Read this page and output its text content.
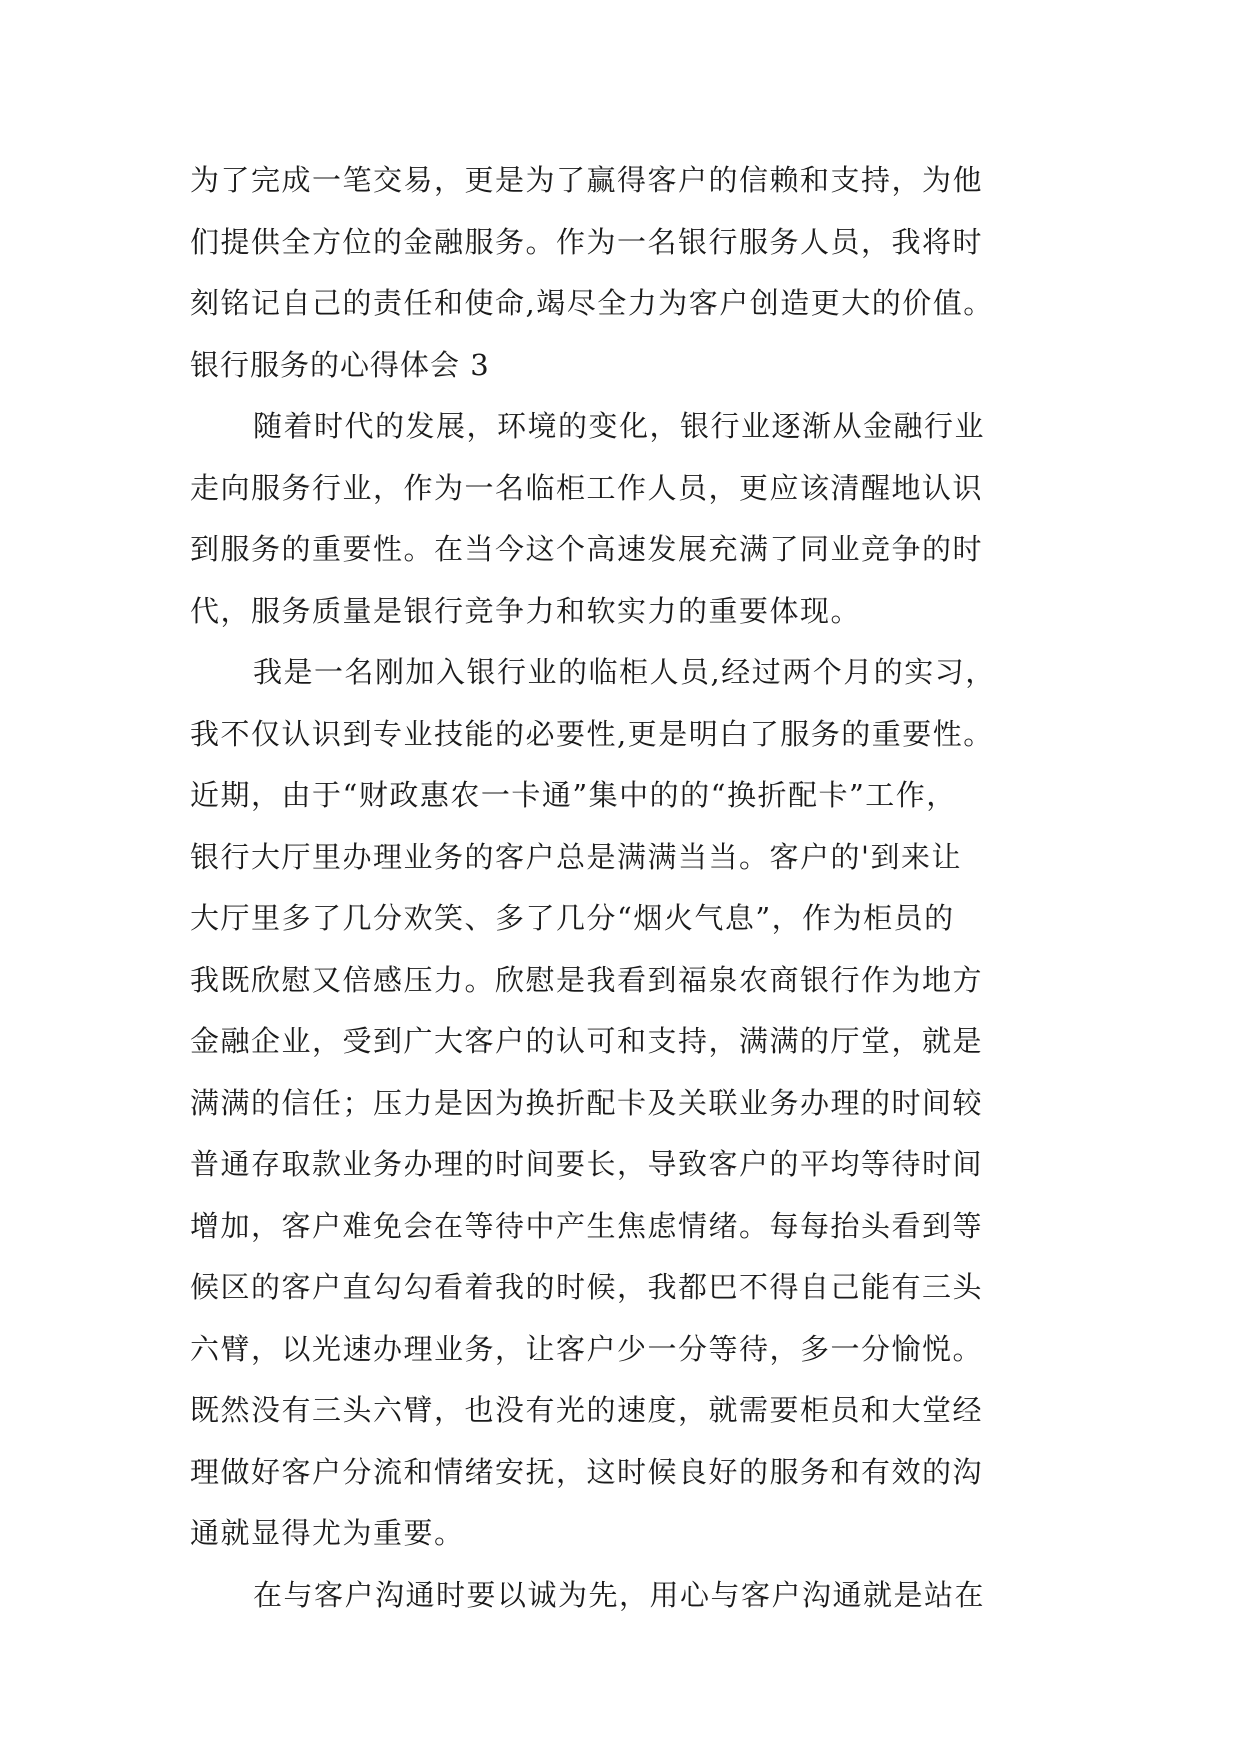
为了完成一笔交易，更是为了赢得客户的信赖和支持，为他
们提供全方位的金融服务。作为一名银行服务人员，我将时
刻铭记自己的责任和使命,竭尽全力为客户创造更大的价值。
银行服务的心得体会 3
随着时代的发展，环境的变化，银行业逐渐从金融行业
走向服务行业，作为一名临柜工作人员，更应该清醒地认识
到服务的重要性。在当今这个高速发展充满了同业竞争的时
代，服务质量是银行竞争力和软实力的重要体现。
我是一名刚加入银行业的临柜人员,经过两个月的实习，
我不仅认识到专业技能的必要性,更是明白了服务的重要性。
近期，由于“财政惠农一卡通”集中的的“换折配卡”工作，
银行大厅里办理业务的客户总是满满当当。客户的'到来让
大厅里多了几分欢笑、多了几分“烟火气息”，作为柜员的
我既欣慰又倍感压力。欣慰是我看到福泉农商银行作为地方
金融企业，受到广大客户的认可和支持，满满的厅堂，就是
满满的信任；压力是因为换折配卡及关联业务办理的时间较
普通存取款业务办理的时间要长，导致客户的平均等待时间
增加，客户难免会在等待中产生焦虑情绪。每每抬头看到等
候区的客户直勾勾看着我的时候，我都巴不得自己能有三头
六臂，以光速办理业务，让客户少一分等待，多一分愉悦。
既然没有三头六臂，也没有光的速度，就需要柜员和大堂经
理做好客户分流和情绪安抚，这时候良好的服务和有效的沟
通就显得尤为重要。
在与客户沟通时要以诚为先，用心与客户沟通就是站在
